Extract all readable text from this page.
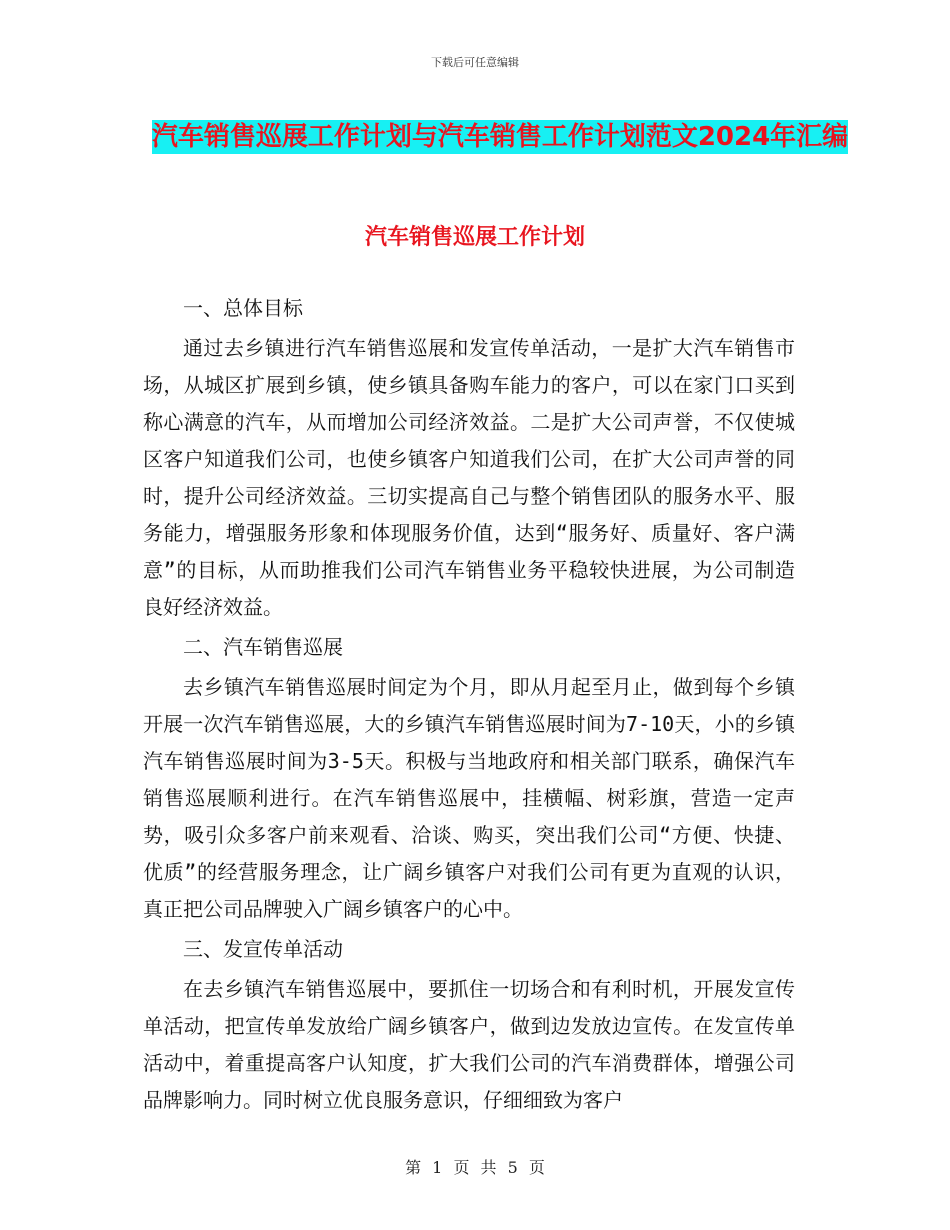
下载后可任意编辑
汽车销售巡展工作计划与汽车销售工作计划范文2024年汇编
汽车销售巡展工作计划

一、总体目标

通过去乡镇进行汽车销售巡展和发宣传单活动，一是扩大汽车销售市场，从城区扩展到乡镇，使乡镇具备购车能力的客户，可以在家门口买到称心满意的汽车，从而增加公司经济效益。二是扩大公司声誉，不仅使城区客户知道我们公司，也使乡镇客户知道我们公司，在扩大公司声誉的同时，提升公司经济效益。三切实提高自己与整个销售团队的服务水平、服务能力，增强服务形象和体现服务价值，达到“服务好、质量好、客户满意”的目标，从而助推我们公司汽车销售业务平稳较快进展，为公司制造良好经济效益。

二、汽车销售巡展

去乡镇汽车销售巡展时间定为个月，即从月起至月止，做到每个乡镇开展一次汽车销售巡展，大的乡镇汽车销售巡展时间为7-10天，小的乡镇汽车销售巡展时间为3-5天。积极与当地政府和相关部门联系，确保汽车销售巡展顺利进行。在汽车销售巡展中，挂横幅、树彩旗，营造一定声势，吸引众多客户前来观看、洽谈、购买，突出我们公司“方便、快捷、优质”的经营服务理念，让广阔乡镇客户对我们公司有更为直观的认识，真正把公司品牌驶入广阔乡镇客户的心中。

三、发宣传单活动

在去乡镇汽车销售巡展中，要抓住一切场合和有利时机，开展发宣传单活动，把宣传单发放给广阔乡镇客户，做到边发放边宣传。在发宣传单活动中，着重提高客户认知度，扩大我们公司的汽车消费群体，增强公司品牌影响力。同时树立优良服务意识，仔细细致为客户

第 1 页 共 5 页
